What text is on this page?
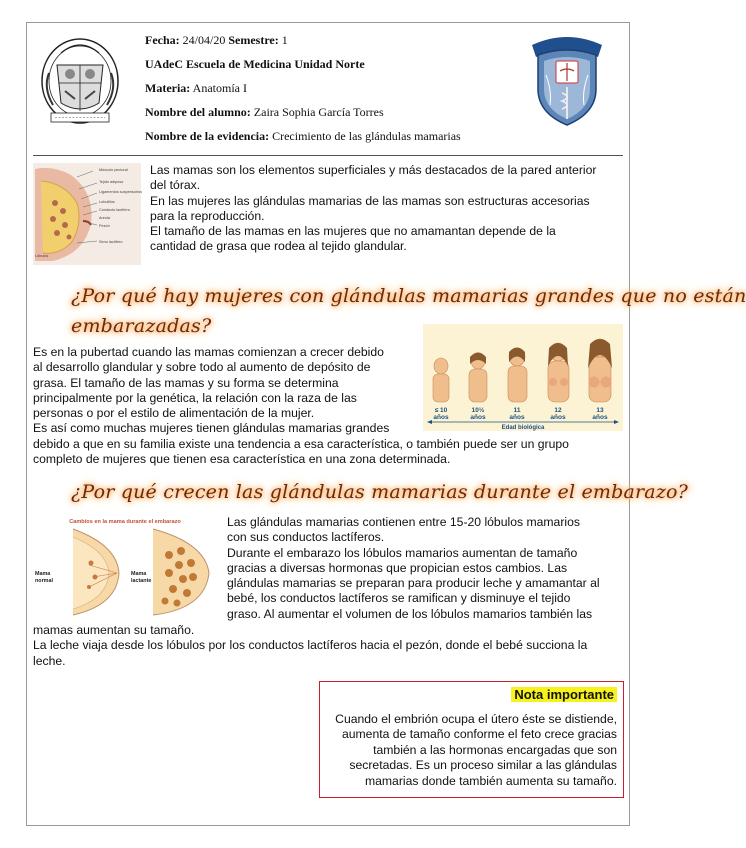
Fecha: 24/04/20 Semestre: 1
UAdeC Escuela de Medicina Unidad Norte
Materia: Anatomía I
Nombre del alumno: Zaira Sophia García Torres
Nombre de la evidencia: Crecimiento de las glándulas mamarias
Músculo pectoral
Tejido adiposo
Ligamentos suspensorios
Lobulillos
Conducto lactífero
Areola
Pezón
Seno lactífero
Lóbulos
Las mamas son los elementos superficiales y más destacados de la pared anterior
del tórax.
En las mujeres las glándulas mamarias de las mamas son estructuras accesorias
para la reproducción.
El tamaño de las mamas en las mujeres que no amamantan depende de la
cantidad de grasa que rodea al tejido glandular.
¿Por qué hay mujeres con glándulas mamarias grandes que no están
embarazadas?
≤ 10	10½	11	12	13
años	años	años	años	años
Edad biológica
Es en la pubertad cuando las mamas comienzan a crecer debido
al desarrollo glandular y sobre todo al aumento de depósito de
grasa. El tamaño de las mamas y su forma se determina
principalmente por la genética, la relación con la raza de las
personas o por el estilo de alimentación de la mujer.
Es así como muchas mujeres tienen glándulas mamarias grandes
debido a que en su familia existe una tendencia a esa característica, o también puede ser un grupo
completo de mujeres que tienen esa característica en una zona determinada.
¿Por qué crecen las glándulas mamarias durante el embarazo?
Cambios en la mama durante el embarazo
Mama
normal
Mama
lactante
Las glándulas mamarias contienen entre 15-20 lóbulos mamarios
con sus conductos lactíferos.
Durante el embarazo los lóbulos mamarios aumentan de tamaño
gracias a diversas hormonas que propician estos cambios. Las
glándulas mamarias se preparan para producir leche y amamantar al
bebé, los conductos lactíferos se ramifican y disminuye el tejido
graso. Al aumentar el volumen de los lóbulos mamarios también las
mamas aumentan su tamaño.
La leche viaja desde los lóbulos por los conductos lactíferos hacia el pezón, donde el bebé succiona la
leche.
Nota importante
Cuando el embrión ocupa el útero éste se distiende,
aumenta de tamaño conforme el feto crece gracias
también a las hormonas encargadas que son
secretadas. Es un proceso similar a las glándulas
mamarias donde también aumenta su tamaño.
